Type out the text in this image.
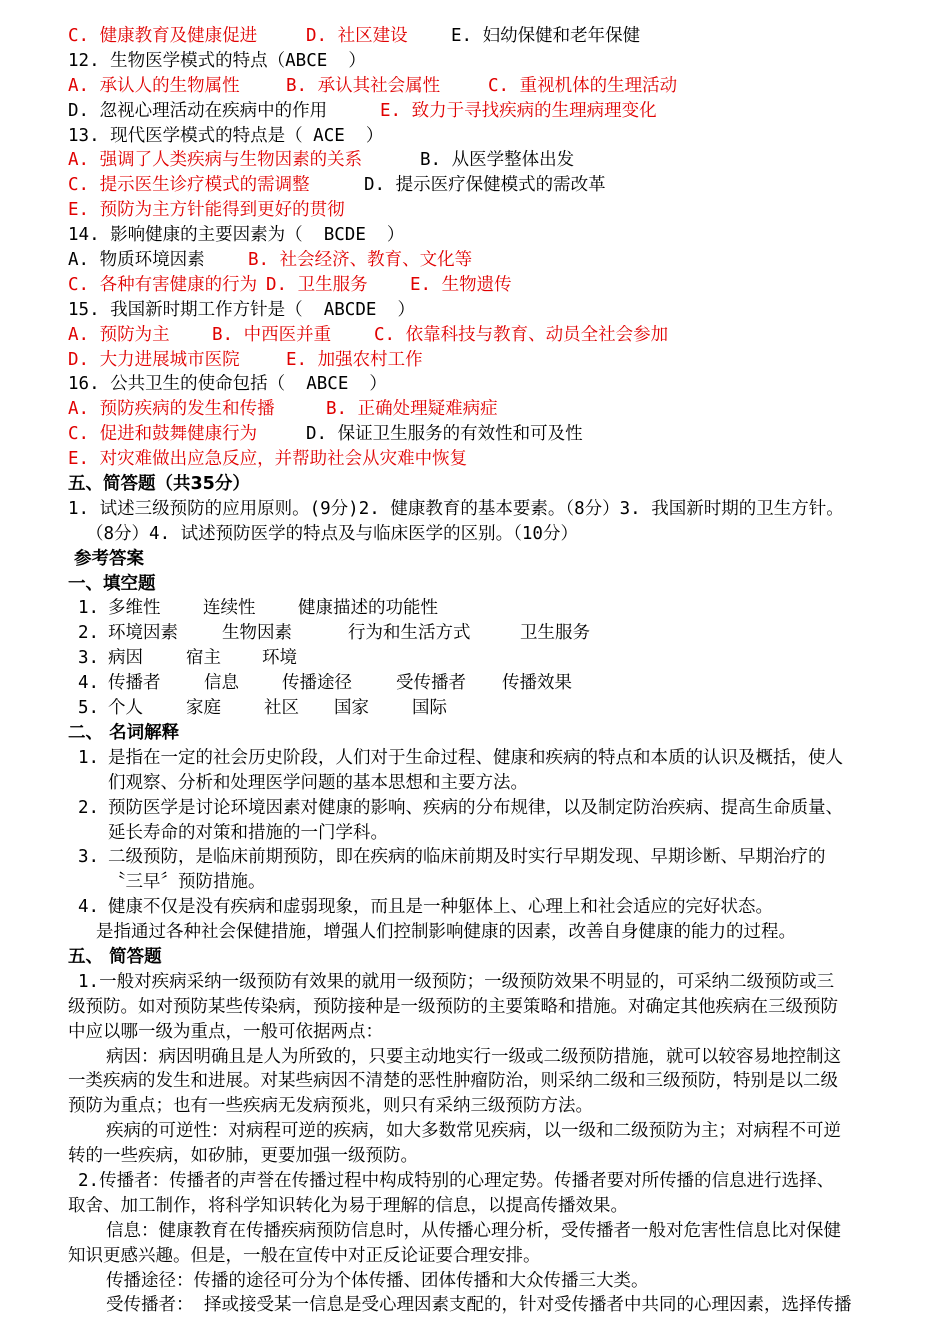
C. 健康教育及健康促进	D. 社区建设 E. 妇幼保健和老年保健
12. 生物医学模式的特点（ABCE  ）
A. 承认人的生物属性	B. 承认其社会属性	C. 重视机体的生理活动
D. 忽视心理活动在疾病中的作用	E. 致力于寻找疾病的生理病理变化
13. 现代医学模式的特点是（ ACE  ）
A. 强调了人类疾病与生物因素的关系	B. 从医学整体出发
C. 提示医生诊疗模式的需调整	D. 提示医疗保健模式的需改革
E. 预防为主方针能得到更好的贯彻
14. 影响健康的主要因素为（  BCDE  ）
A. 物质环境因素 B. 社会经济、教育、文化等
C. 各种有害健康的行为 D. 卫生服务 E. 生物遗传
15. 我国新时期工作方针是（  ABCDE  ）
A. 预防为主 B. 中西医并重 C. 依靠科技与教育、动员全社会参加
D. 大力进展城市医院	E. 加强农村工作
16. 公共卫生的使命包括（  ABCE  ）
A. 预防疾病的发生和传播	B. 正确处理疑难病症
C. 促进和鼓舞健康行为	D. 保证卫生服务的有效性和可及性
E. 对灾难做出应急反应，并帮助社会从灾难中恢复
五、简答题（共35分）
1. 试述三级预防的应用原则。(9分)2. 健康教育的基本要素。（8分）3. 我国新时期的卫生方针。
（8分）4. 试述预防医学的特点及与临床医学的区别。（10分）
参考答案
一、填空题
1. 多维性 连续性 健康描述的功能性
2. 环境因素	生物因素	行为和生活方式	卫生服务
3. 病因 宿主 环境
4. 传播者 信息 传播途径	受传播者 传播效果
5. 个人 家庭 社区 国家 国际
二、 名词解释
1. 是指在一定的社会历史阶段，人们对于生命过程、健康和疾病的特点和本质的认识及概括，使人
们观察、分析和处理医学问题的基本思想和主要方法。
2. 预防医学是讨论环境因素对健康的影响、疾病的分布规律，以及制定防治疾病、提高生命质量、
延长寿命的对策和措施的一门学科。
3. 二级预防，是临床前期预防，即在疾病的临床前期及时实行早期发现、早期诊断、早期治疗的
〝三早〞预防措施。
4. 健康不仅是没有疾病和虚弱现象，而且是一种躯体上、心理上和社会适应的完好状态。
是指通过各种社会保健措施，增强人们控制影响健康的因素，改善自身健康的能力的过程。
五、 简答题
1.一般对疾病采纳一级预防有效果的就用一级预防；一级预防效果不明显的，可采纳二级预防或三
级预防。如对预防某些传染病，预防接种是一级预防的主要策略和措施。对确定其他疾病在三级预防
中应以哪一级为重点，一般可依据两点：
病因：病因明确且是人为所致的，只要主动地实行一级或二级预防措施，就可以较容易地控制这
一类疾病的发生和进展。对某些病因不清楚的恶性肿瘤防治，则采纳二级和三级预防，特别是以二级
预防为重点；也有一些疾病无发病预兆，则只有采纳三级预防方法。
疾病的可逆性：对病程可逆的疾病，如大多数常见疾病，以一级和二级预防为主；对病程不可逆
转的一些疾病，如矽肺，更要加强一级预防。
2.传播者：传播者的声誉在传播过程中构成特别的心理定势。传播者要对所传播的信息进行选择、
取舍、加工制作，将科学知识转化为易于理解的信息，以提高传播效果。
信息：健康教育在传播疾病预防信息时，从传播心理分析，受传播者一般对危害性信息比对保健
知识更感兴趣。但是，一般在宣传中对正反论证要合理安排。
传播途径：传播的途径可分为个体传播、团体传播和大众传播三大类。
受传播者： 择或接受某一信息是受心理因素支配的，针对受传播者中共同的心理因素，选择传播
